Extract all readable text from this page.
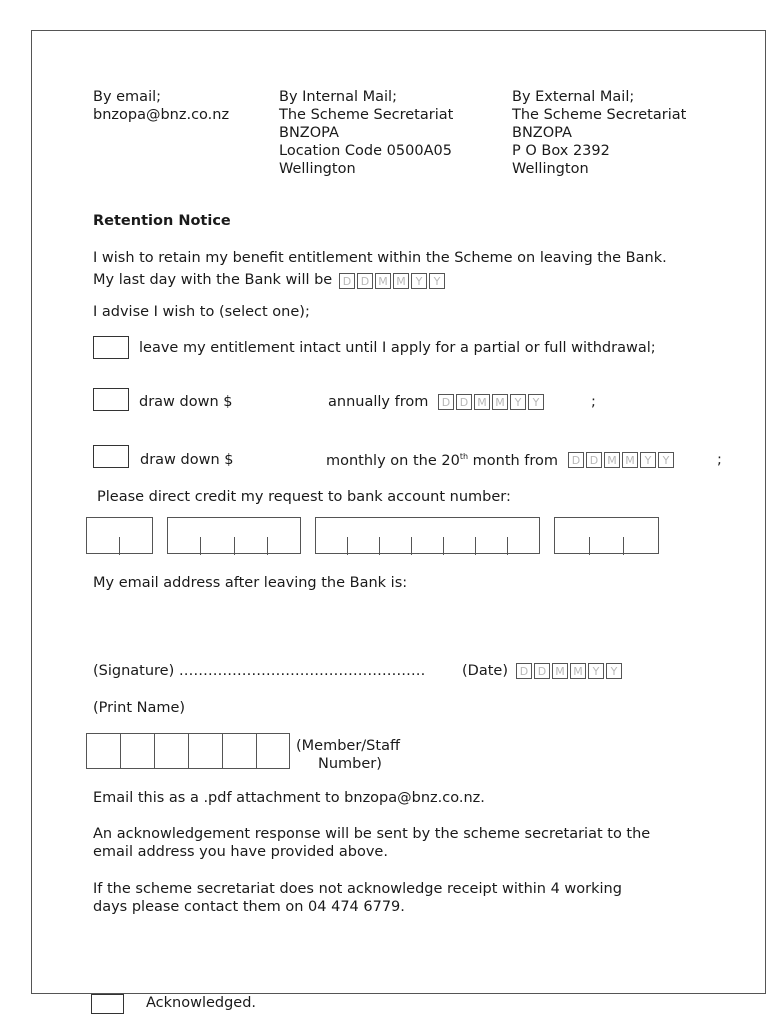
By email;
bnzopa@bnz.co.nz
By Internal Mail;
The Scheme Secretariat
BNZOPA
Location Code 0500A05
Wellington
By External Mail;
The Scheme Secretariat
BNZOPA
P O Box 2392
Wellington
Retention Notice
I wish to retain my benefit entitlement within the Scheme on leaving the Bank.
My last day with the Bank will be D D M M Y	Y
I advise I wish to (select one);
leave my entitlement intact until I apply for a partial or full withdrawal;
draw down $	annually from	D D M M Y	Y	;
draw down $	monthly on the 20th month from	D D M M Y	Y	;
Please direct credit my request to bank account number:
My email address after leaving the Bank is:
(Signature) ……………………………………………	(Date)	D D M M Y	Y
(Print Name)
(Member/Staff
Number)
Email this as a .pdf attachment to bnzopa@bnz.co.nz.
An acknowledgement response will be sent by the scheme secretariat to the
email address you have provided above.
If the scheme secretariat does not acknowledge receipt within 4 working
days please contact them on 04 474 6779.
Acknowledged.
